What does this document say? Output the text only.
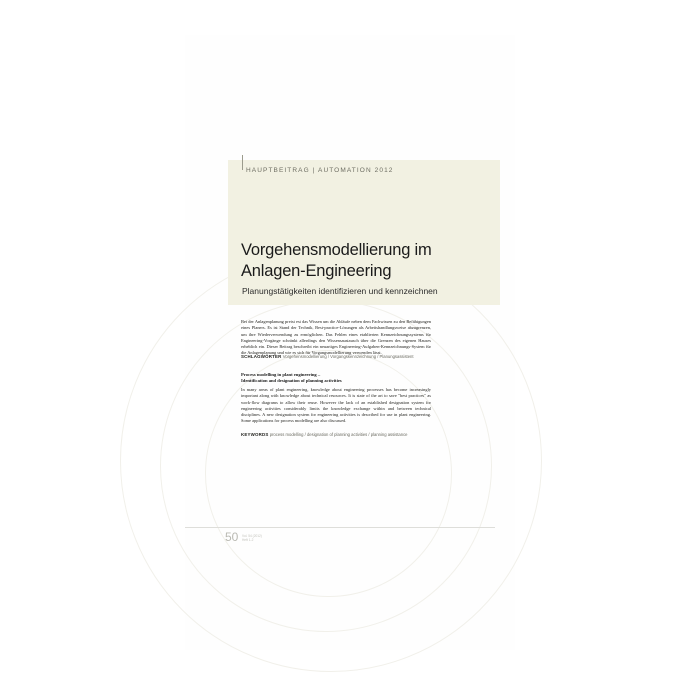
HAUPTBEITRAG | AUTOMATION 2012
Vorgehensmodellierung im
Anlagen-Engineering
Planungstätigkeiten identifizieren und kennzeichnen
Bei der Anlagenplanung preist est das Wissen um die Abläufe neben dem Fachwissen zu den Befähigungen eines Planers. Es ist Stand der Technik, Best-practice-Lösungen als Arbeitshandlungsweise abzugrenzen, um ihre Wiederverwendung zu ermöglichen. Das Fehlen eines etablierten Kennzeichnungssystems für Engineering-Vorgänge schränkt allerdings den Wissensaustausch über die Grenzen des eigenen Hauses erheblich ein. Dieser Beitrag beschreibt ein neuartiges Engineering-Aufgaben-Kennzeichnungs-System für die Anlagenplanung und wie es sich für Vorgangsmodellierung verwenden lässt.
SCHLAGWÖRTER Vorgehensmodellierung / Vorgangskennzeichnung / Planungsassistent
Process modelling in plant engineering –
Identification and designation of planning activities
In many areas of plant engineering, knowledge about engineering processes has become increasingly important along with knowledge about technical resources. It is state of the art to save "best practices" as work-flow diagrams to allow their reuse. However the lack of an established designation system for engineering activities considerably limits the knowledge exchange within and between technical disciplines. A new designation system for engineering activities is described for use in plant engineering. Some applications for process modelling are also discussed.
KEYWORDS process modelling / designation of planning activities / planning assistance
50 Vol. 54 (2012)
Heft 1-2
